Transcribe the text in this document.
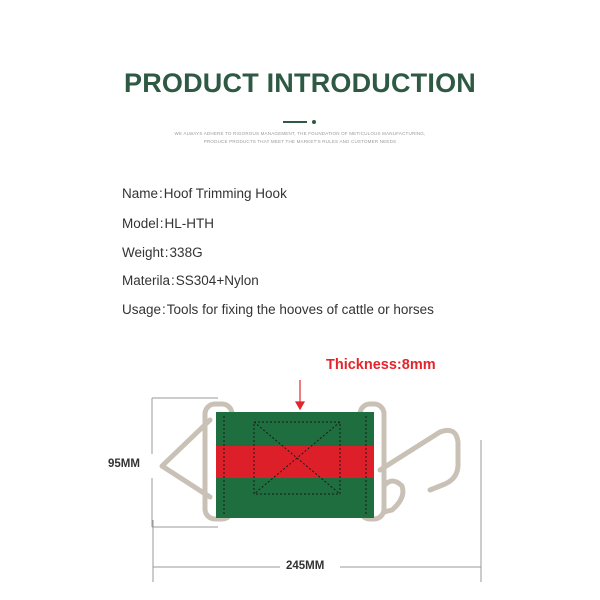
PRODUCT INTRODUCTION
WE ALWAYS ADHERE TO RIGOROUS MANAGEMENT, THE FOUNDATION OF METICULOUS MANUFACTURING,
PRODUCE PRODUCTS THAT MEET THE MARKET'S RULES AND CUSTOMER NEEDS
Name:Hoof Trimming Hook
Model:HL-HTH
Weight:338G
Materila:SS304+Nylon
Usage:Tools for fixing the hooves of cattle or horses
Thickness:8mm
95MM
245MM
